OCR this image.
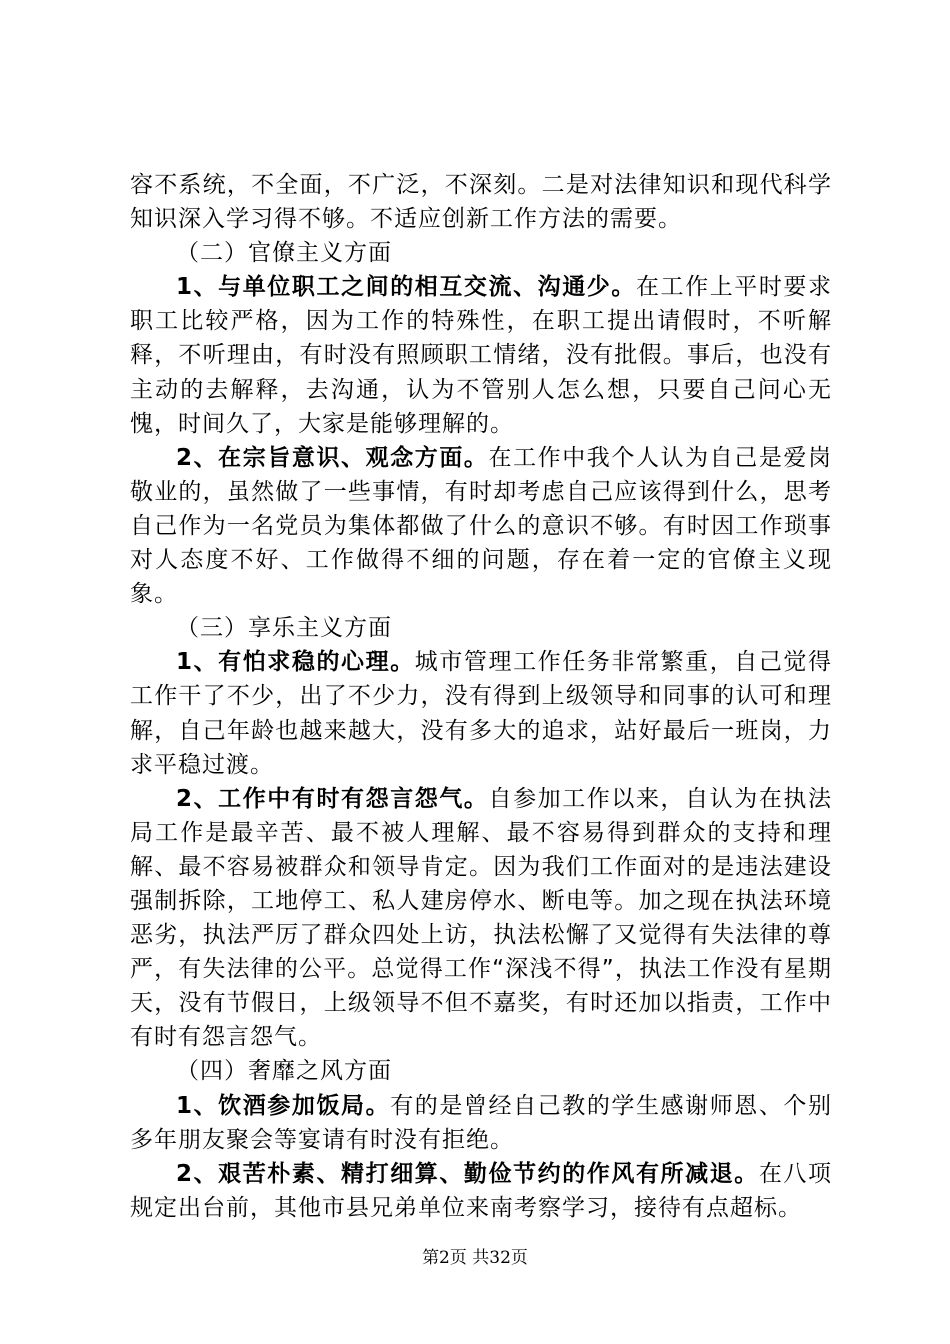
容不系统，不全面，不广泛，不深刻。二是对法律知识和现代科学知识深入学习得不够。不适应创新工作方法的需要。

（二）官僚主义方面

1、与单位职工之间的相互交流、沟通少。在工作上平时要求职工比较严格，因为工作的特殊性，在职工提出请假时，不听解释，不听理由，有时没有照顾职工情绪，没有批假。事后，也没有主动的去解释，去沟通，认为不管别人怎么想，只要自己问心无愧，时间久了，大家是能够理解的。

2、在宗旨意识、观念方面。在工作中我个人认为自己是爱岗敬业的，虽然做了一些事情，有时却考虑自己应该得到什么，思考自己作为一名党员为集体都做了什么的意识不够。有时因工作琐事对人态度不好、工作做得不细的问题，存在着一定的官僚主义现象。

（三）享乐主义方面

1、有怕求稳的心理。城市管理工作任务非常繁重，自己觉得工作干了不少，出了不少力，没有得到上级领导和同事的认可和理解，自己年龄也越来越大，没有多大的追求，站好最后一班岗，力求平稳过渡。

2、工作中有时有怨言怨气。自参加工作以来，自认为在执法局工作是最辛苦、最不被人理解、最不容易得到群众的支持和理解、最不容易被群众和领导肯定。因为我们工作面对的是违法建设强制拆除，工地停工、私人建房停水、断电等。加之现在执法环境恶劣，执法严厉了群众四处上访，执法松懈了又觉得有失法律的尊严，有失法律的公平。总觉得工作“深浅不得”，执法工作没有星期天，没有节假日，上级领导不但不嘉奖，有时还加以指责，工作中有时有怨言怨气。

（四）奢靡之风方面

1、饮酒参加饭局。有的是曾经自己教的学生感谢师恩、个别多年朋友聚会等宴请有时没有拒绝。

2、艰苦朴素、精打细算、勤俭节约的作风有所减退。在八项规定出台前，其他市县兄弟单位来南考察学习，接待有点超标。

第2页 共32页
